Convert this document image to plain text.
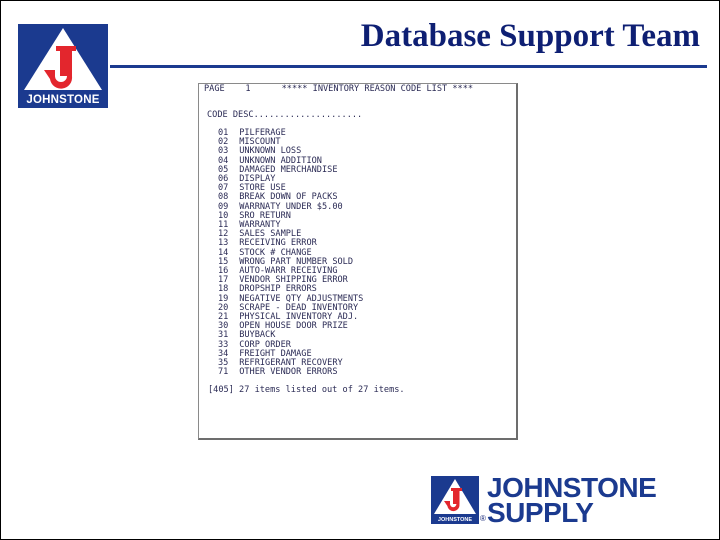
JOHNSTONE
Database Support Team
PAGE    1      ***** INVENTORY REASON CODE LIST ****
CODE DESC.....................
01 PILFERAGE
02 MISCOUNT
03 UNKNOWN LOSS
04 UNKNOWN ADDITION
05 DAMAGED MERCHANDISE
06 DISPLAY
07 STORE USE
08 BREAK DOWN OF PACKS
09 WARRNATY UNDER $5.00
10 SRO RETURN
11 WARRANTY
12 SALES SAMPLE
13 RECEIVING ERROR
14 STOCK # CHANGE
15 WRONG PART NUMBER SOLD
16 AUTO-WARR RECEIVING
17 VENDOR SHIPPING ERROR
18 DROPSHIP ERRORS
19 NEGATIVE QTY ADJUSTMENTS
20 SCRAPE - DEAD INVENTORY
21 PHYSICAL INVENTORY ADJ.
30 OPEN HOUSE DOOR PRIZE
31 BUYBACK
33 CORP ORDER
34 FREIGHT DAMAGE
35 REFRIGERANT RECOVERY
71 OTHER VENDOR ERRORS
[405] 27 items listed out of 27 items.
JOHNSTONE ®
JOHNSTONE
SUPPLY
